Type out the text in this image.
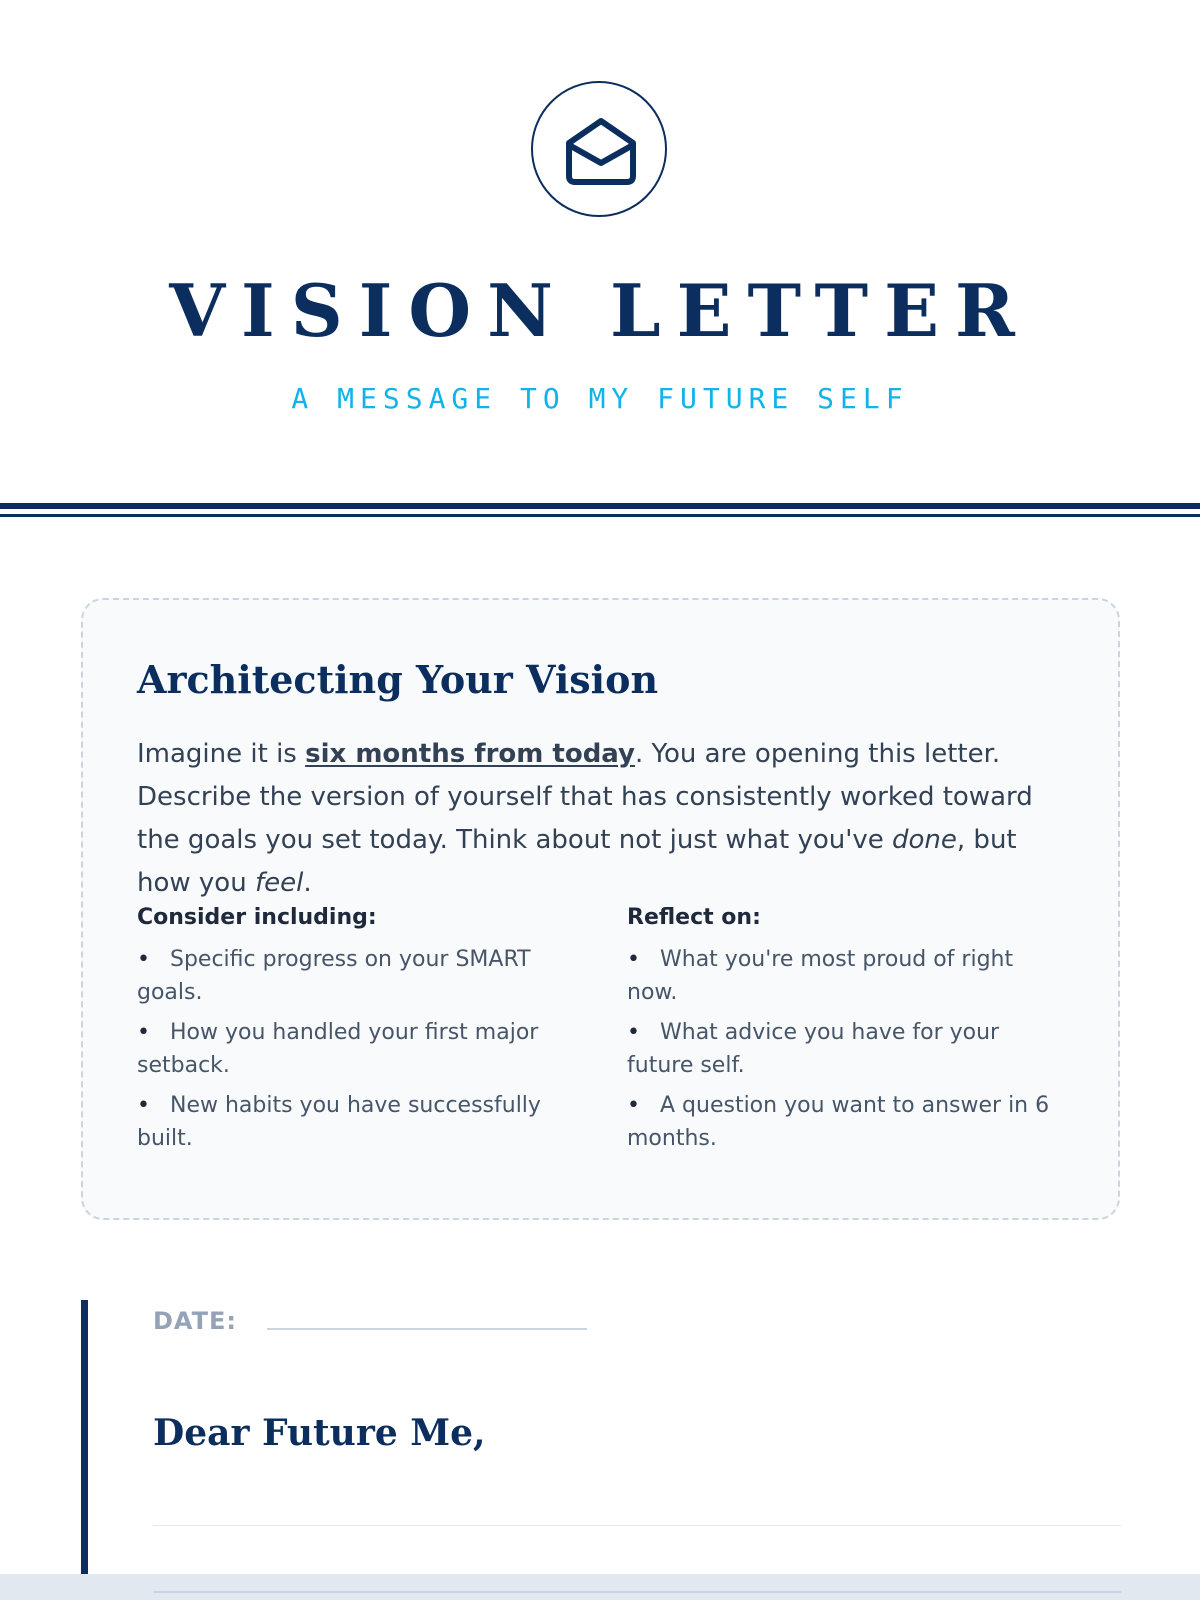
VISION LETTER
A MESSAGE TO MY FUTURE SELF
Architecting Your Vision
Imagine it is six months from today. You are opening this letter. Describe the version of yourself that has consistently worked toward the goals you set today. Think about not just what you've done, but how you feel.
Consider including:
• Specific progress on your SMART goals.
• How you handled your first major setback.
• New habits you have successfully built.
Reflect on:
• What you're most proud of right now.
• What advice you have for your future self.
• A question you want to answer in 6 months.
DATE:
Dear Future Me,
